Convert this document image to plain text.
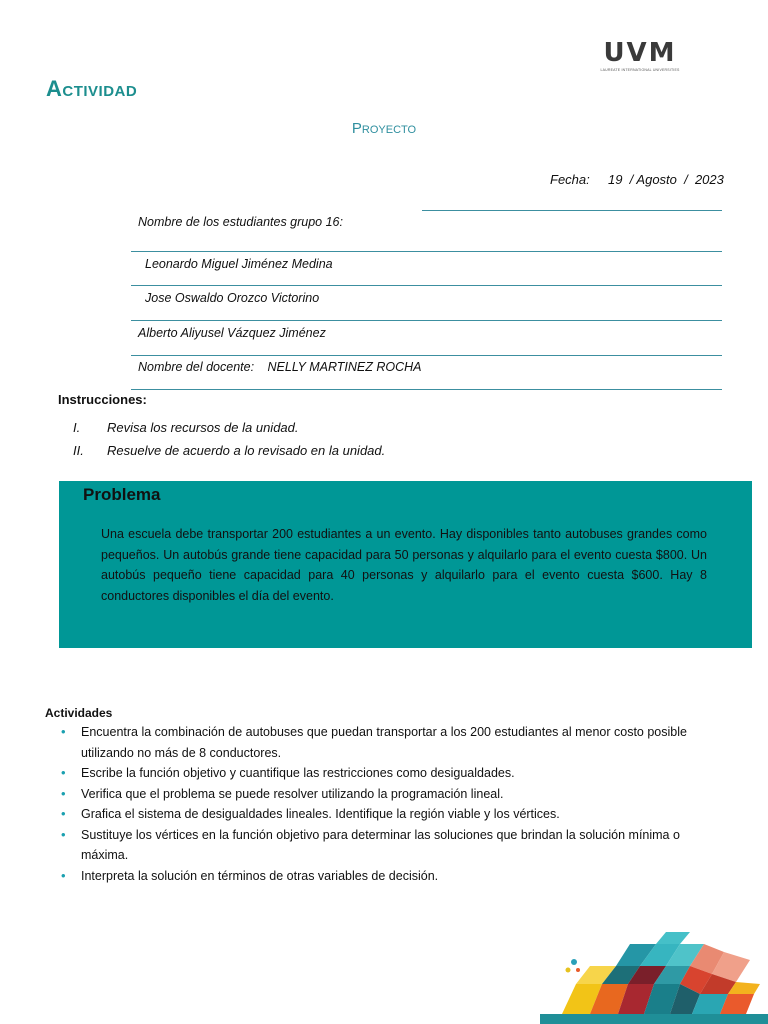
UVM
LAUREATE INTERNATIONAL UNIVERSITIES
Actividad
Proyecto
Fecha: 19  / Agosto  /  2023
Nombre de los estudiantes grupo 16:
Leonardo Miguel Jiménez Medina
Jose Oswaldo Orozco Victorino
Alberto Aliyusel Vázquez Jiménez
Nombre del docente: NELLY MARTINEZ ROCHA
Instrucciones:
I. Revisa los recursos de la unidad.
II. Resuelve de acuerdo a lo revisado en la unidad.
Problema
Una escuela debe transportar 200 estudiantes a un evento. Hay disponibles tanto autobuses grandes como pequeños. Un autobús grande tiene capacidad para 50 personas y alquilarlo para el evento cuesta $800. Un autobús pequeño tiene capacidad para 40 personas y alquilarlo para el evento cuesta $600. Hay 8 conductores disponibles el día del evento.
Actividades
• Encuentra la combinación de autobuses que puedan transportar a los 200 estudiantes al menor costo posible utilizando no más de 8 conductores.
• Escribe la función objetivo y cuantifique las restricciones como desigualdades.
• Verifica que el problema se puede resolver utilizando la programación lineal.
• Grafica el sistema de desigualdades lineales. Identifique la región viable y los vértices.
• Sustituye los vértices en la función objetivo para determinar las soluciones que brindan la solución mínima o máxima.
• Interpreta la solución en términos de otras variables de decisión.
